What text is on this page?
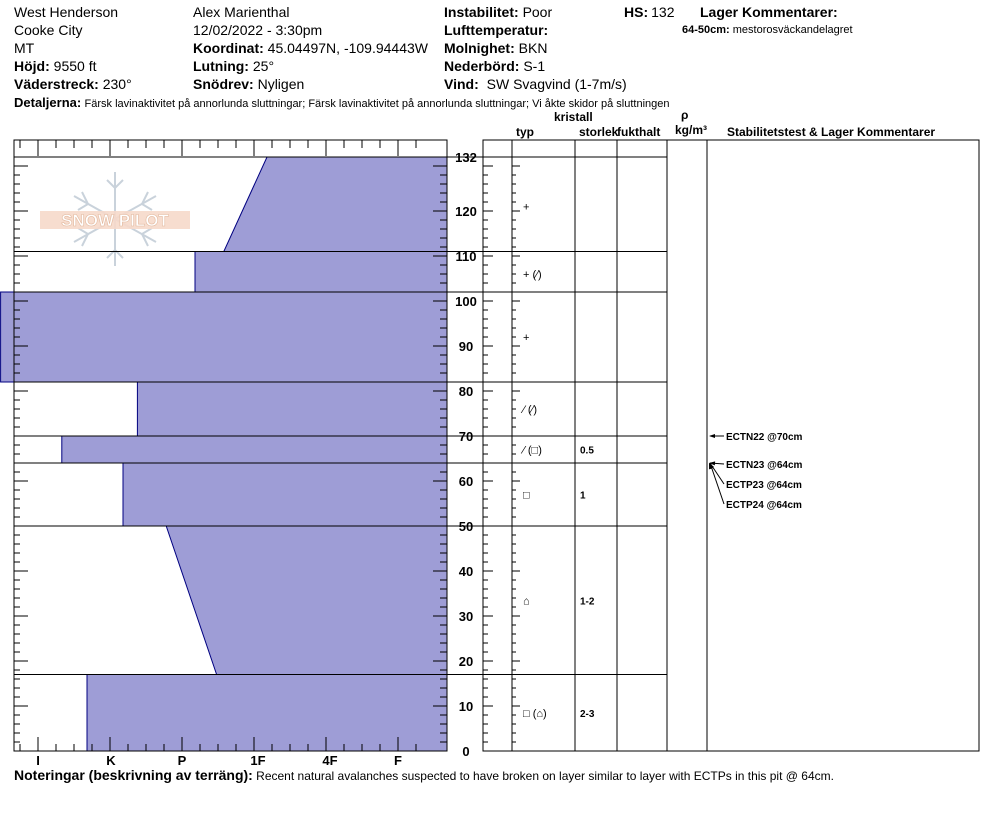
West Henderson
Cooke City
MT
Höjd: 9550 ft
Väderstreck: 230°
Alex Marienthal
12/02/2022 - 3:30pm
Koordinat: 45.04497N, -109.94443W
Lutning: 25°
Snödrev: Nyligen
Instabilitet: Poor
Lufttemperatur:
Molnighet: BKN
Nederbörd: S-1
Vind: SW Svagvind (1-7m/s)
HS: 132 Lager Kommentarer:
64-50cm: mestorosväckandelagret
Detaljerna: Färsk lavinaktivitet på annorlunda sluttningar; Färsk lavinaktivitet på annorlunda sluttningar; Vi åkte skidor på sluttningen
kristall
typ	storlek
fukthalt
ρ
kg/m³ Stabilitetstest & Lager Kommentarer
SNOW PILOT
0
10
20
30
40
50
60
70
80
90
100
110
120
132
I	K	P	1F	4F	F
+
+ (⁄)
+
⁄ (⁄)
⁄ (□)	0.5
□	1
⌂	1-2
□ (⌂)	2-3
ECTN22 @70cm
ECTN23 @64cm
ECTP23 @64cm
ECTP24 @64cm
Noteringar (beskrivning av terräng): Recent natural avalanches suspected to have broken on layer similar to layer with ECTPs in this pit @ 64cm.
